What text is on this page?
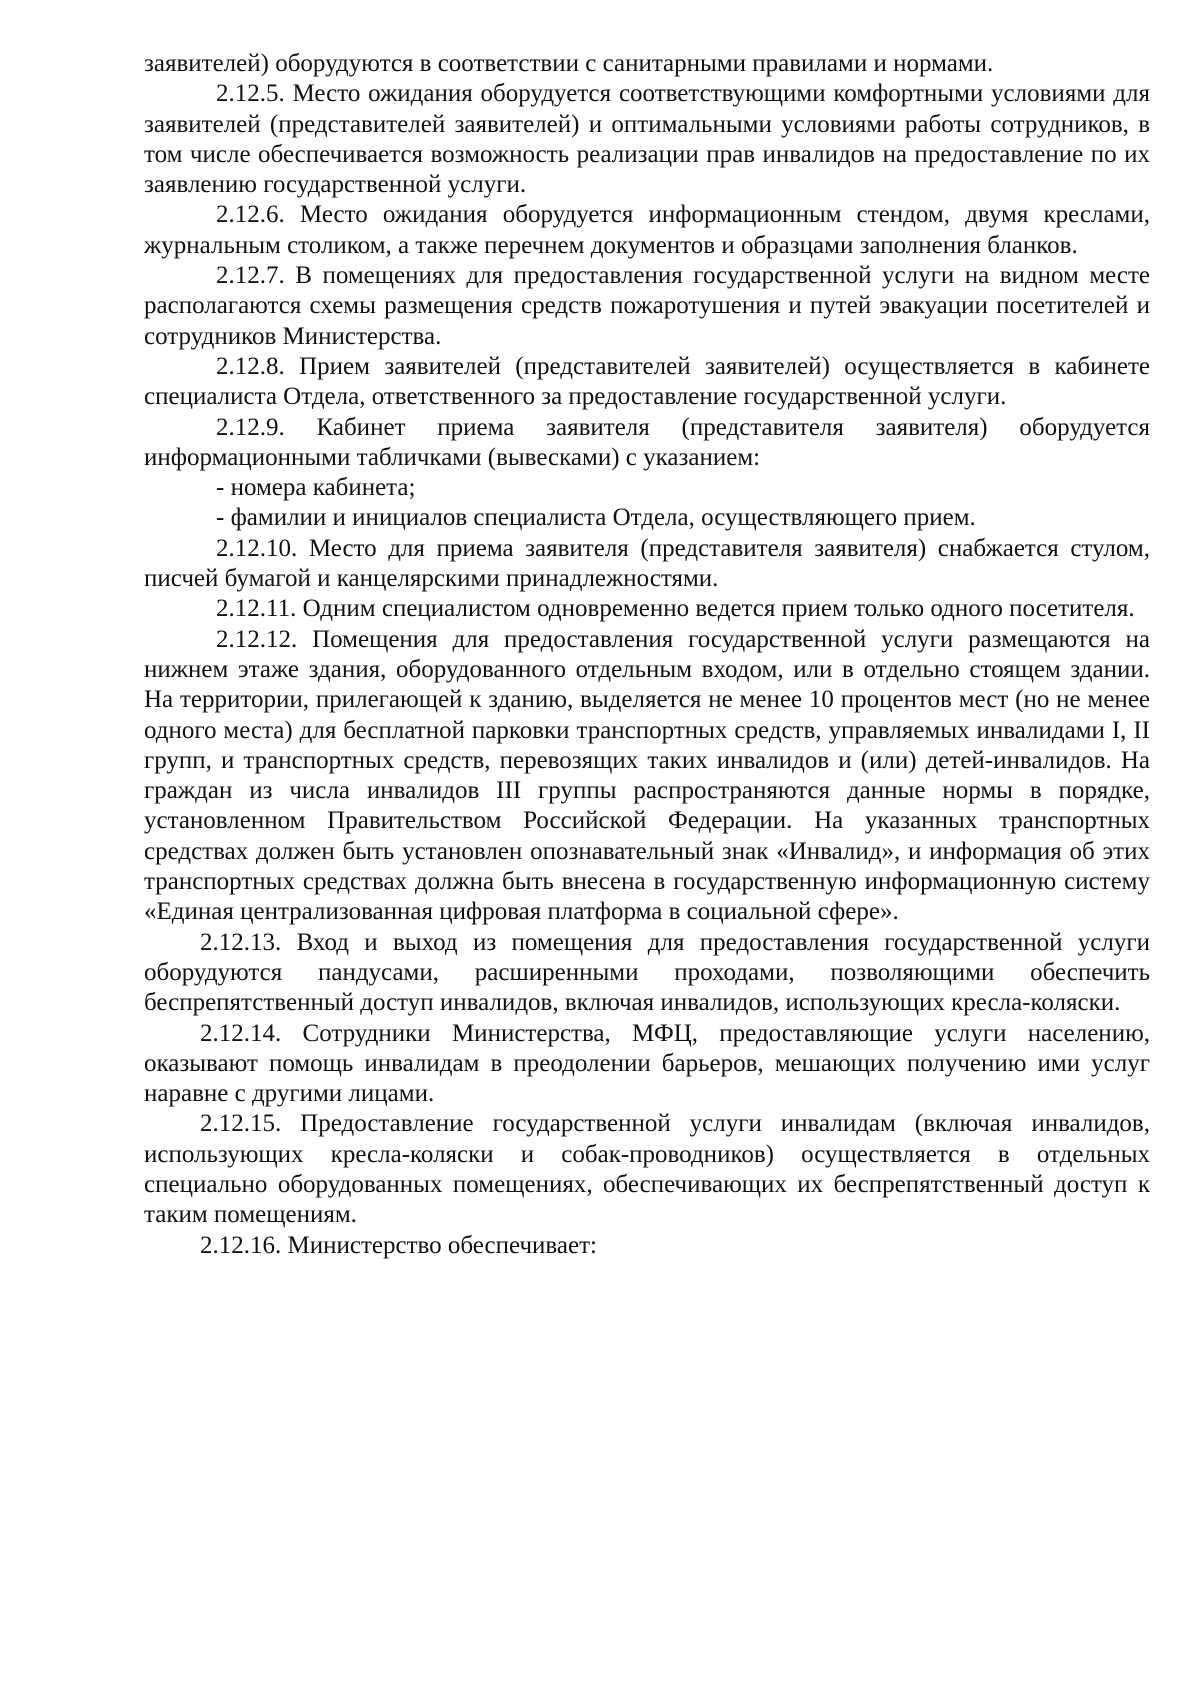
заявителей) оборудуются в соответствии с санитарными правилами и нормами.

2.12.5. Место ожидания оборудуется соответствующими комфортными условиями для заявителей (представителей заявителей) и оптимальными условиями работы сотрудников, в том числе обеспечивается возможность реализации прав инвалидов на предоставление по их заявлению государственной услуги.

2.12.6. Место ожидания оборудуется информационным стендом, двумя креслами, журнальным столиком, а также перечнем документов и образцами заполнения бланков.

2.12.7. В помещениях для предоставления государственной услуги на видном месте располагаются схемы размещения средств пожаротушения и путей эвакуации посетителей и сотрудников Министерства.

2.12.8. Прием заявителей (представителей заявителей) осуществляется в кабинете специалиста Отдела, ответственного за предоставление государственной услуги.

2.12.9. Кабинет приема заявителя (представителя заявителя) оборудуется информационными табличками (вывесками) с указанием:

- номера кабинета;

- фамилии и инициалов специалиста Отдела, осуществляющего прием.

2.12.10. Место для приема заявителя (представителя заявителя) снабжается стулом, писчей бумагой и канцелярскими принадлежностями.

2.12.11. Одним специалистом одновременно ведется прием только одного посетителя.

2.12.12. Помещения для предоставления государственной услуги размещаются на нижнем этаже здания, оборудованного отдельным входом, или в отдельно стоящем здании. На территории, прилегающей к зданию, выделяется не менее 10 процентов мест (но не менее одного места) для бесплатной парковки транспортных средств, управляемых инвалидами I, II групп, и транспортных средств, перевозящих таких инвалидов и (или) детей-инвалидов. На граждан из числа инвалидов III группы распространяются данные нормы в порядке, установленном Правительством Российской Федерации. На указанных транспортных средствах должен быть установлен опознавательный знак «Инвалид», и информация об этих транспортных средствах должна быть внесена в государственную информационную систему «Единая централизованная цифровая платформа в социальной сфере».

2.12.13. Вход и выход из помещения для предоставления государственной услуги оборудуются пандусами, расширенными проходами, позволяющими обеспечить беспрепятственный доступ инвалидов, включая инвалидов, использующих кресла-коляски.

2.12.14. Сотрудники Министерства, МФЦ, предоставляющие услуги населению, оказывают помощь инвалидам в преодолении барьеров, мешающих получению ими услуг наравне с другими лицами.

2.12.15. Предоставление государственной услуги инвалидам (включая инвалидов, использующих кресла-коляски и собак-проводников) осуществляется в отдельных специально оборудованных помещениях, обеспечивающих их беспрепятственный доступ к таким помещениям.

2.12.16. Министерство обеспечивает:
